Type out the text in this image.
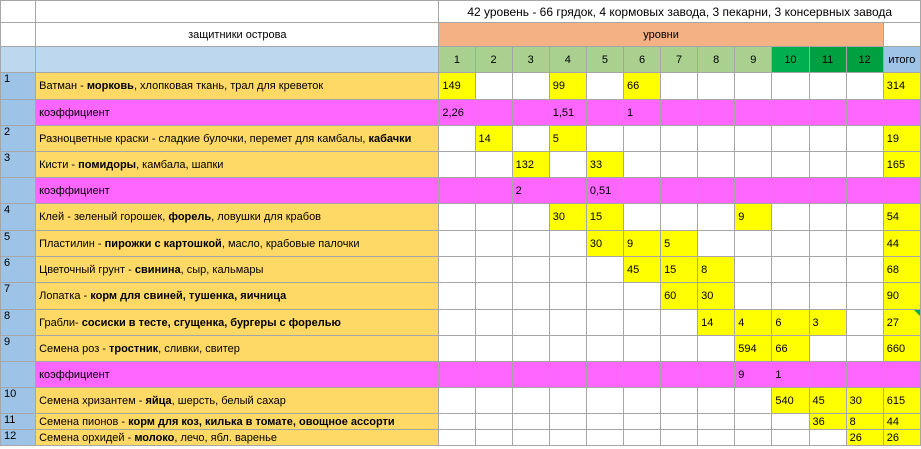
		42 уровень - 66 грядок, 4 кормовых завода, 3 пекарни, 3 консервных завода												
	защитники острова	уровни												
		1	2	3	4	5	6	7	8	9	10	11	12	итого
1	Ватман - морковь, хлопковая ткань, трал для креветок	149			99		66							314
	коэффициент	2,26			1,51		1							
2	Разноцветные краски - сладкие булочки, перемет для камбалы, кабачки		14		5									19
3	Кисти - помидоры, камбала, шапки			132		33								165
	коэффициент			2		0,51								
4	Клей - зеленый горошек, форель, ловушки для крабов				30	15				9				54
5	Пластилин - пирожки с картошкой, масло, крабовые палочки					30	9	5						44
6	Цветочный грунт - свинина, сыр, кальмары						45	15	8					68
7	Лопатка - корм для свиней, тушенка, яичница							60	30					90
8	Грабли- сосиски в тесте, сгущенка, бургеры с форелью								14	4	6	3		27

9	Семена роз - тростник, сливки, свитер									594	66			660
	коэффициент									9	1			
10	Семена хризантем - яйца, шерсть, белый сахар										540	45	30	615
11	Семена пионов - корм для коз, килька в томате, овощное ассорти											36	8	44
12	Семена орхидей - молоко, лечо, ябл. варенье												26	26
